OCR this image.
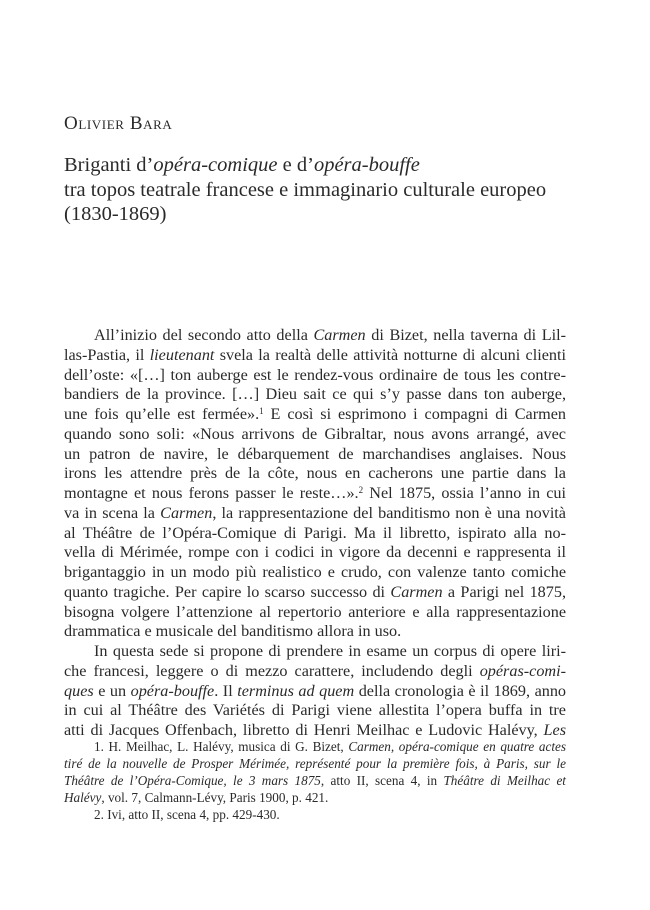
Olivier Bara
Briganti d’opéra-comique e d’opéra-bouffe
tra topos teatrale francese e immaginario culturale europeo
(1830-1869)
All’inizio del secondo atto della Carmen di Bizet, nella taverna di Lil-
las-Pastia, il lieutenant svela la realtà delle attività notturne di alcuni clienti
dell’oste: «[…] ton auberge est le rendez-vous ordinaire de tous les contre-
bandiers de la province. […] Dieu sait ce qui s’y passe dans ton auberge,
une fois qu’elle est fermée».$^1$ E così si esprimono i compagni di Carmen
quando sono soli: «Nous arrivons de Gibraltar, nous avons arrangé, avec
un patron de navire, le débarquement de marchandises anglaises. Nous
irons les attendre près de la côte, nous en cacherons une partie dans la
montagne et nous ferons passer le reste…».$^2$ Nel 1875, ossia l’anno in cui
va in scena la Carmen, la rappresentazione del banditismo non è una novità
al Théâtre de l’Opéra-Comique di Parigi. Ma il libretto, ispirato alla no-
vella di Mérimée, rompe con i codici in vigore da decenni e rappresenta il
brigantaggio in un modo più realistico e crudo, con valenze tanto comiche
quanto tragiche. Per capire lo scarso successo di Carmen a Parigi nel 1875,
bisogna volgere l’attenzione al repertorio anteriore e alla rappresentazione
drammatica e musicale del banditismo allora in uso.
In questa sede si propone di prendere in esame un corpus di opere liri-
che francesi, leggere o di mezzo carattere, includendo degli opéras-comi-
ques e un opéra-bouffe. Il terminus ad quem della cronologia è il 1869, anno
in cui al Théâtre des Variétés di Parigi viene allestita l’opera buffa in tre
atti di Jacques Offenbach, libretto di Henri Meilhac e Ludovic Halévy, Les
1. H. Meilhac, L. Halévy, musica di G. Bizet, Carmen, opéra-comique en quatre actes
tiré de la nouvelle de Prosper Mérimée, représenté pour la première fois, à Paris, sur le
Théâtre de l’Opéra-Comique, le 3 mars 1875, atto II, scena 4, in Théâtre di Meilhac et
Halévy, vol. 7, Calmann-Lévy, Paris 1900, p. 421.
2. Ivi, atto II, scena 4, pp. 429-430.
